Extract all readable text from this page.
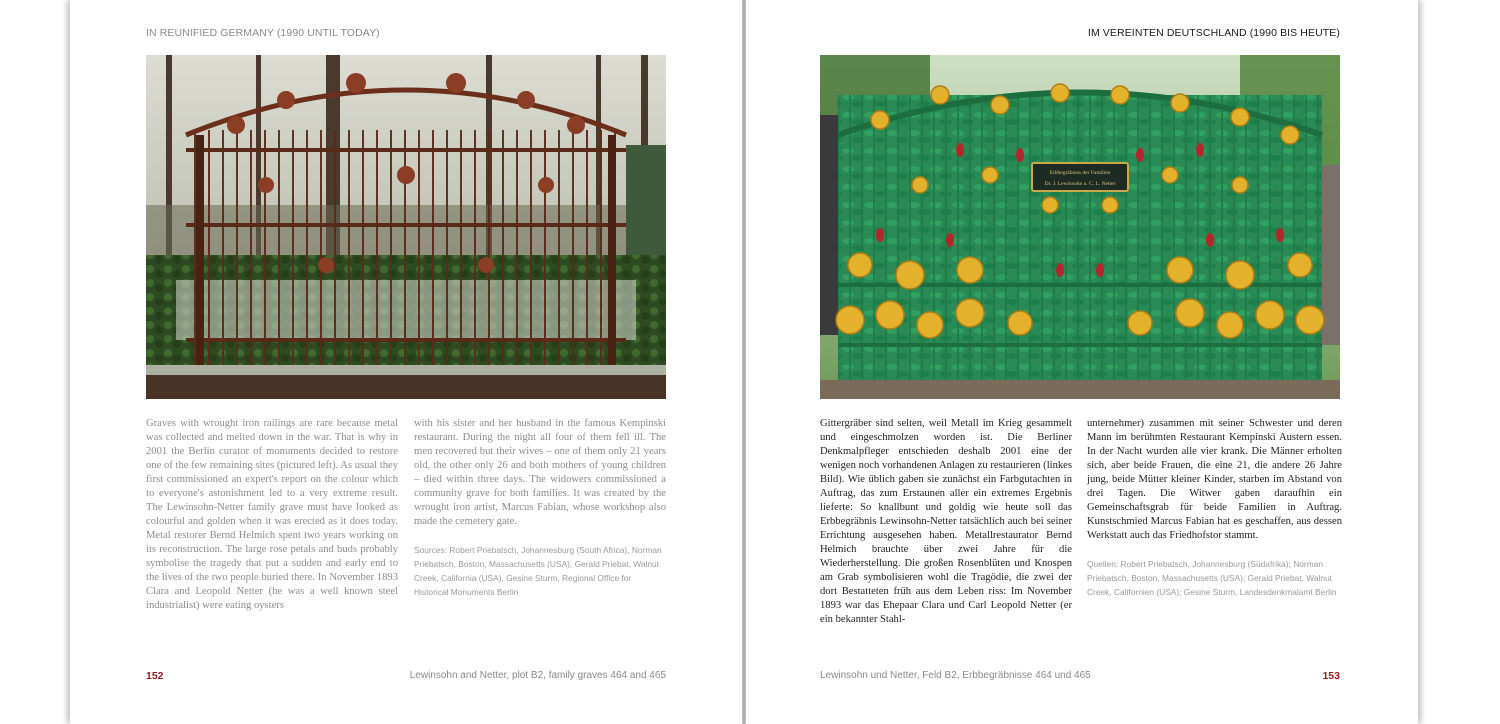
IN REUNIFIED GERMANY (1990 UNTIL TODAY)
Graves with wrought iron railings are rare because metal was collected and melted down in the war. That is why in 2001 the Berlin curator of monuments decided to restore one of the few remaining sites (pictured left). As usual they first commissioned an expert's report on the colour which to everyone's astonishment led to a very extreme result. The Lewinsohn-Netter family grave must have looked as colourful and golden when it was erected as it does today. Metal restorer Bernd Helmich spent two years working on its reconstruction. The large rose petals and buds probably symbolise the tragedy that put a sudden and early end to the lives of the two people buried there. In November 1893 Clara and Leopold Netter (he was a well known steel industrialist) were eating oysters
with his sister and her husband in the famous Kempinski restaurant. During the night all four of them fell ill. The men recovered but their wives – one of them only 21 years old, the other only 26 and both mothers of young children – died within three days. The widowers commissioned a community grave for both families. It was created by the wrought iron artist, Marcus Fabian, whose workshop also made the cemetery gate.
Sources: Robert Priebatsch, Johannesburg (South Africa), Norman Priebatsch, Boston, Massachusetts (USA), Gerald Priebat, Walnut Creek, California (USA), Gesine Sturm, Regional Office for Historical Monuments Berlin
152	Lewinsohn and Netter, plot B2, family graves 464 and 465
IM VEREINTEN DEUTSCHLAND (1990 BIS HEUTE)
Erbbegräbniss der Familien
Dr. J. Lewinsohn u. C. L. Netter
Gittergräber sind selten, weil Metall im Krieg gesammelt und eingeschmolzen worden ist. Die Berliner Denkmalpfleger entschieden deshalb 2001 eine der wenigen noch vorhandenen Anlagen zu restaurieren (linkes Bild). Wie üblich gaben sie zunächst ein Farbgutachten in Auftrag, das zum Erstaunen aller ein extremes Ergebnis lieferte: So knallbunt und goldig wie heute soll das Erbbegräbnis Lewinsohn-Netter tatsächlich auch bei seiner Errichtung ausgesehen haben. Metallrestaurator Bernd Helmich brauchte über zwei Jahre für die Wiederherstellung. Die großen Rosenblüten und Knospen am Grab symbolisieren wohl die Tragödie, die zwei der dort Bestatteten früh aus dem Leben riss: Im November 1893 war das Ehepaar Clara und Carl Leopold Netter (er ein bekannter Stahl-
unternehmer) zusammen mit seiner Schwester und deren Mann im berühmten Restaurant Kempinski Austern essen. In der Nacht wurden alle vier krank. Die Männer erholten sich, aber beide Frauen, die eine 21, die andere 26 Jahre jung, beide Mütter kleiner Kinder, starben im Abstand von drei Tagen. Die Witwer gaben daraufhin ein Gemeinschaftsgrab für beide Familien in Auftrag. Kunstschmied Marcus Fabian hat es geschaffen, aus dessen Werkstatt auch das Friedhofstor stammt.
Quellen: Robert Priebatsch, Johannesburg (Südafrika); Norman Priebatsch, Boston, Massachusetts (USA); Gerald Priebat, Walnut Creek, Californien (USA); Gesine Sturm, Landesdenkmalamt Berlin
Lewinsohn und Netter, Feld B2, Erbbegräbnisse 464 und 465	153
